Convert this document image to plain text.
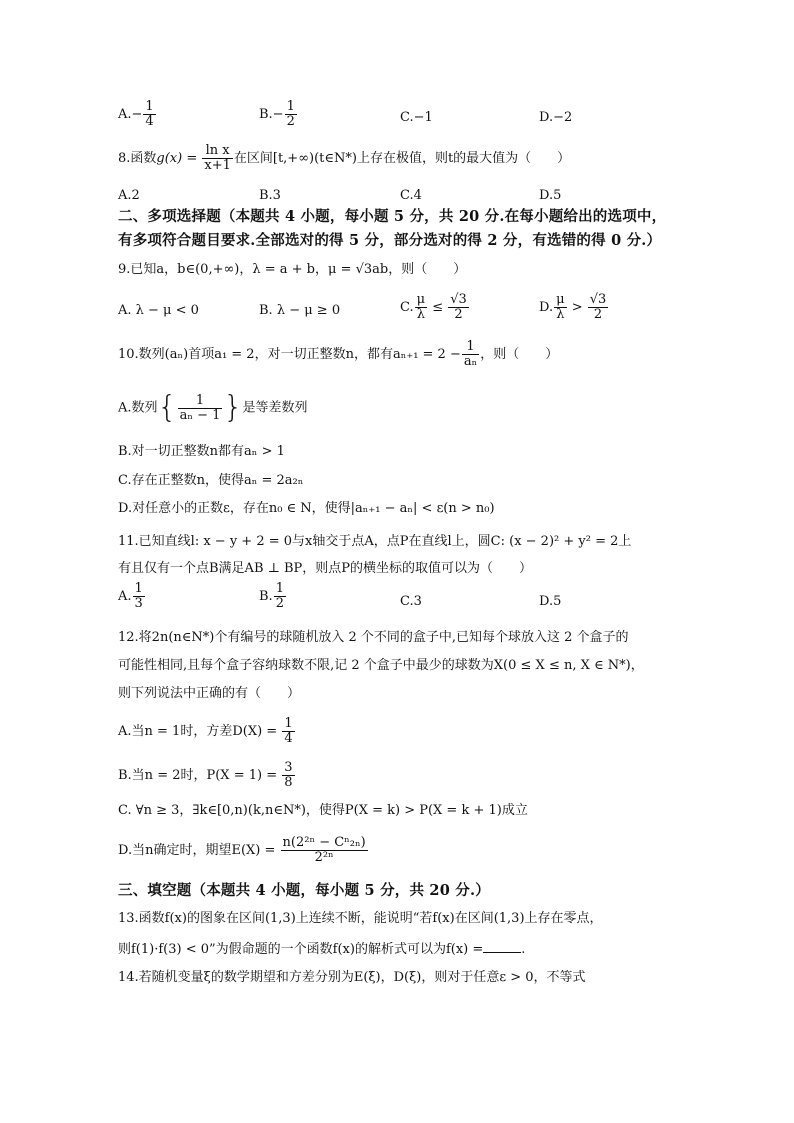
$A.- \frac{1}{4}$	$B.- \frac{1}{2}$	C.−1	D.−2
8.函数$g(x) = \frac{\text{ln x}}{x+1}$ 在区间[t,+∞)(t∈N*)上存在极值，则t的最大值为（　　）
A.2	B.3	C.4	D.5
二、多项选择题（本题共 4 小题，每小题 5 分，共 20 分.在每小题给出的选项中，
有多项符合题目要求.全部选对的得 5 分，部分选对的得 2 分，有选错的得 0 分.）
9.已知a，b∈(0,+∞)，λ = a + b，μ = √3ab，则（　　）
A. λ − μ < 0	B. λ − μ ≥ 0	C. $\frac{\mu}{\lambda} \le \frac{√3}{2}$	D. $\frac{\mu}{\lambda} > \frac{√3}{2}$
10.数列(aₙ)首项a₁ = 2，对一切正整数n，都有$a_{n+1} = 2 - \frac{1}{\text{aₙ}}$ ，则（　　）
A.数列{ $\frac{1}{\text{aₙ − 1}}$ }是等差数列
B.对一切正整数n都有aₙ > 1
C.存在正整数n，使得aₙ = 2a₂ₙ
D.对任意小的正数ε，存在n₀ ∈ N，使得|aₙ₊₁ − aₙ| < ε(n > n₀)
11.已知直线l: x − y + 2 = 0与x轴交于点A，点P在直线l上，圆C: (x − 2)² + y² = 2上
有且仅有一个点B满足AB ⊥ BP，则点P的横坐标的取值可以为（　　）
A. $\frac{1}{3}$	B. $\frac{1}{2}$	C.3	D.5
12.将2n(n∈N*)个有编号的球随机放入 2 个不同的盒子中,已知每个球放入这 2 个盒子的
可能性相同,且每个盒子容纳球数不限,记 2 个盒子中最少的球数为X(0 ≤ X ≤ n, X ∈ N*)，
则下列说法中正确的有（　　）
A.当n = 1时，方差$D(X) = \frac{1}{4}$
B.当n = 2时，$P(X = 1) = \frac{3}{8}$
C. ∀n ≥ 3，∃k∈[0,n)(k,n∈N*)，使得P(X = k) > P(X = k + 1)成立
D.当n确定时，期望$E(X) = \frac{\text{n(2²ⁿ − Cⁿ₂ₙ)}}{\text{2²ⁿ}}$
三、填空题（本题共 4 小题，每小题 5 分，共 20 分.）
13.函数f(x)的图象在区间(1,3)上连续不断，能说明“若f(x)在区间(1,3)上存在零点，
则f(1)·f(3) < 0”为假命题的一个函数f(x)的解析式可以为f(x) =	.
14.若随机变量ξ的数学期望和方差分别为E(ξ)，D(ξ)，则对于任意ε > 0，不等式
